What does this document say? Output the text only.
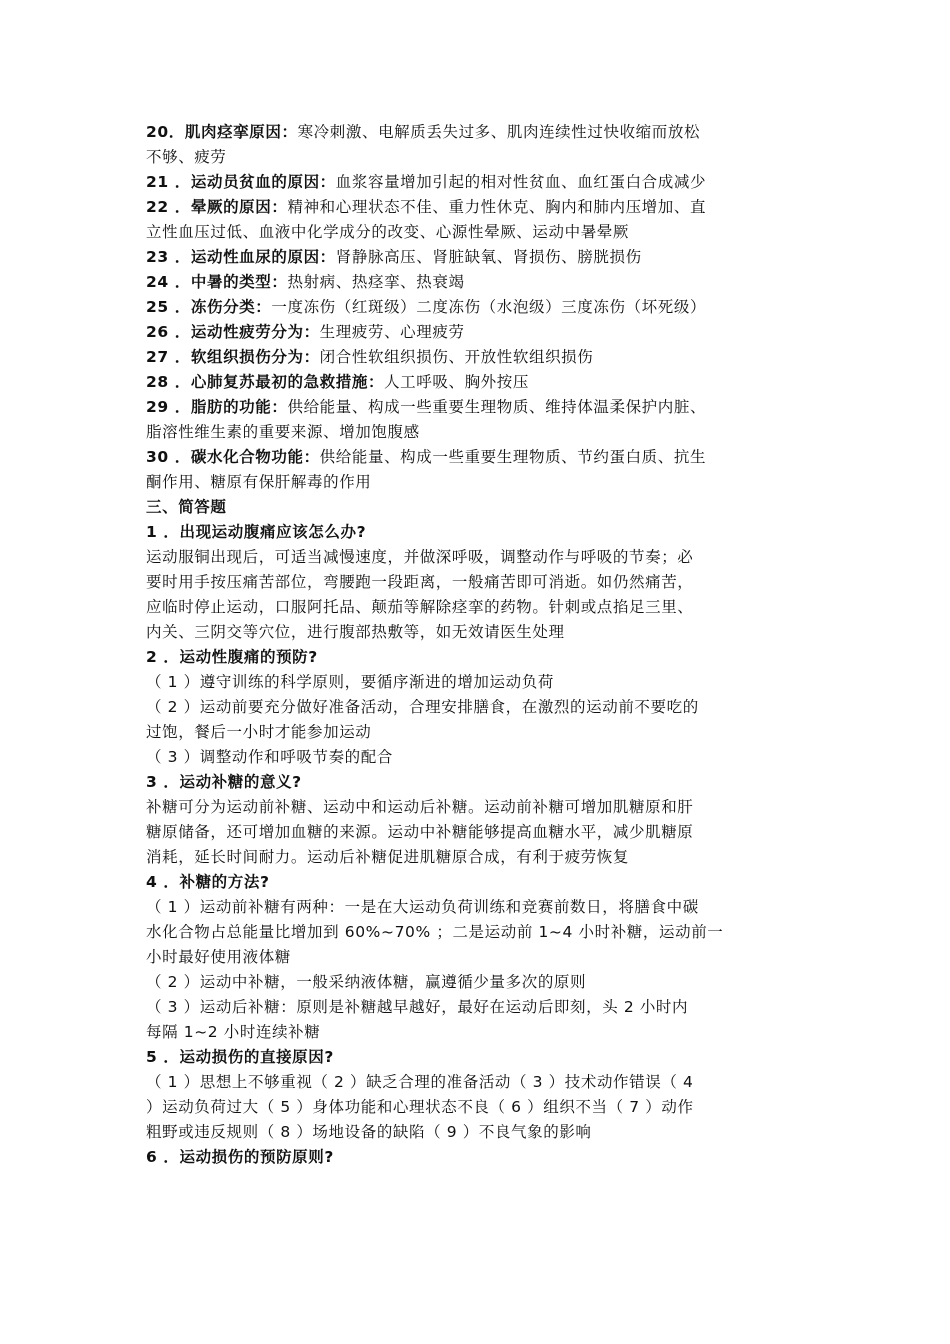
20．肌肉痉挛原因：寒冷刺激、电解质丢失过多、肌肉连续性过快收缩而放松
不够、疲劳
21 ．运动员贫血的原因：血浆容量增加引起的相对性贫血、血红蛋白合成减少
22 ．晕厥的原因：精神和心理状态不佳、重力性休克、胸内和肺内压增加、直
立性血压过低、血液中化学成分的改变、心源性晕厥、运动中暑晕厥
23 ．运动性血尿的原因：肾静脉高压、肾脏缺氧、肾损伤、膀胱损伤
24 ．中暑的类型：热射病、热痉挛、热衰竭
25 ．冻伤分类：一度冻伤（红斑级）二度冻伤（水泡级）三度冻伤（坏死级）
26 ．运动性疲劳分为：生理疲劳、心理疲劳
27 ．软组织损伤分为：闭合性软组织损伤、开放性软组织损伤
28 ．心肺复苏最初的急救措施：人工呼吸、胸外按压
29 ．脂肪的功能：供给能量、构成一些重要生理物质、维持体温柔保护内脏、
脂溶性维生素的重要来源、增加饱腹感
30 ．碳水化合物功能：供给能量、构成一些重要生理物质、节约蛋白质、抗生
酮作用、糖原有保肝解毒的作用
三、简答题
1 ．出现运动腹痛应该怎么办?
运动服铜出现后，可适当减慢速度，并做深呼吸，调整动作与呼吸的节奏；必
要时用手按压痛苦部位，弯腰跑一段距离，一般痛苦即可消逝。如仍然痛苦，
应临时停止运动，口服阿托品、颠茄等解除痉挛的药物。针刺或点掐足三里、
内关、三阴交等穴位，进行腹部热敷等，如无效请医生处理
2 ．运动性腹痛的预防?
（ 1 ）遵守训练的科学原则，要循序渐进的增加运动负荷
（ 2 ）运动前要充分做好准备活动，合理安排膳食，在激烈的运动前不要吃的
过饱，餐后一小时才能参加运动
（ 3 ）调整动作和呼吸节奏的配合
3 ．运动补糖的意义?
补糖可分为运动前补糖、运动中和运动后补糖。运动前补糖可增加肌糖原和肝
糖原储备，还可增加血糖的来源。运动中补糖能够提高血糖水平，减少肌糖原
消耗，延长时间耐力。运动后补糖促进肌糖原合成，有利于疲劳恢复
4 ．补糖的方法?
（ 1 ）运动前补糖有两种：一是在大运动负荷训练和竞赛前数日，将膳食中碳
水化合物占总能量比增加到 60%~70% ；二是运动前 1~4 小时补糖，运动前一
小时最好使用液体糖
（ 2 ）运动中补糖，一般采纳液体糖，赢遵循少量多次的原则
（ 3 ）运动后补糖：原则是补糖越早越好，最好在运动后即刻，头 2 小时内
每隔 1~2 小时连续补糖
5 ．运动损伤的直接原因?
（ 1 ）思想上不够重视（ 2 ）缺乏合理的准备活动（ 3 ）技术动作错误（ 4
）运动负荷过大（ 5 ）身体功能和心理状态不良（ 6 ）组织不当（ 7 ）动作
粗野或违反规则（ 8 ）场地设备的缺陷（ 9 ）不良气象的影响
6 ．运动损伤的预防原则?
